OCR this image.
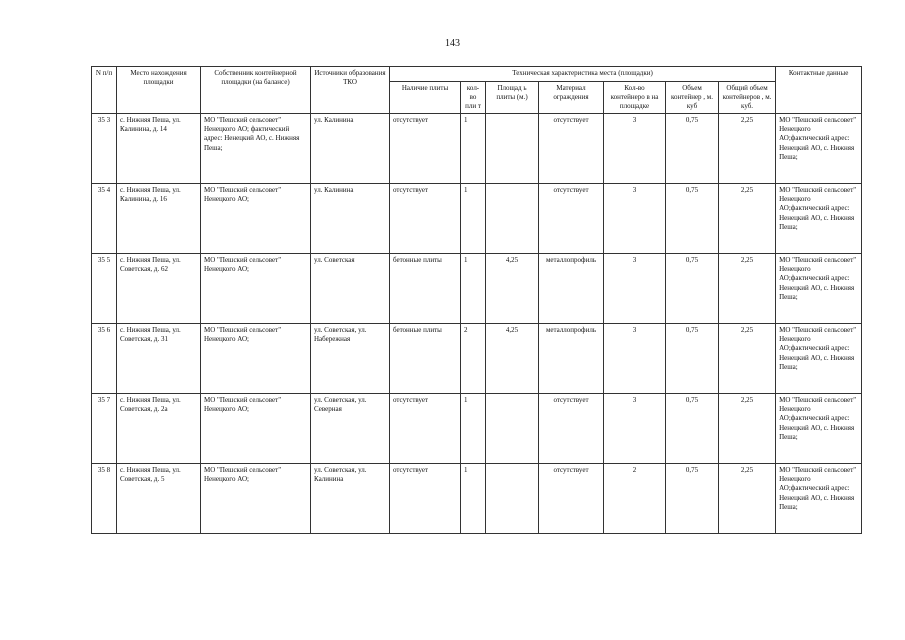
143
N п/п	Место нахождения площадки	Собственник контейнерной площадки (на балансе)	Источники образования ТКО	Техническая характеристика места (площадки)							Контактные данные
				Наличие плиты	кол-во пли т	Площад ь плиты (м.)	Материал ограждения	Кол-во контейнеро в на площадке	Объем контейнер , м. куб	Общий объем контейнеров , м. куб.	
35 3	с. Нижняя Пеша, ул. Калинина, д. 14	МО "Пешский сельсовет" Ненецкого АО; фактический адрес: Ненецкий АО, с. Нижняя Пеша;	ул. Калинина	отсутствует	1		отсутствует	3	0,75	2,25	МО "Пешский сельсовет" Ненецкого АО;фактический адрес: Ненецкий АО, с. Нижняя Пеша;
35 4	с. Нижняя Пеша, ул. Калинина, д. 16	МО "Пешский сельсовет" Ненецкого АО;	ул. Калинина	отсутствует	1		отсутствует	3	0,75	2,25	МО "Пешский сельсовет" Ненецкого АО;фактический адрес: Ненецкий АО, с. Нижняя Пеша;
35 5	с. Нижняя Пеша, ул. Советская, д. 62	МО "Пешский сельсовет" Ненецкого АО;	ул. Советская	бетонные плиты	1	4,25	металлопрофиль	3	0,75	2,25	МО "Пешский сельсовет" Ненецкого АО;фактический адрес: Ненецкий АО, с. Нижняя Пеша;
35 6	с. Нижняя Пеша, ул. Советская, д. 31	МО "Пешский сельсовет" Ненецкого АО;	ул. Советская, ул. Набережная	бетонные плиты	2	4,25	металлопрофиль	3	0,75	2,25	МО "Пешский сельсовет" Ненецкого АО;фактический адрес: Ненецкий АО, с. Нижняя Пеша;
35 7	с. Нижняя Пеша, ул. Советская, д. 2а	МО "Пешский сельсовет" Ненецкого АО;	ул. Советская, ул. Северная	отсутствует	1		отсутствует	3	0,75	2,25	МО "Пешский сельсовет" Ненецкого АО;фактический адрес: Ненецкий АО, с. Нижняя Пеша;
35 8	с. Нижняя Пеша, ул. Советская, д. 5	МО "Пешский сельсовет" Ненецкого АО;	ул. Советская, ул. Калинина	отсутствует	1		отсутствует	2	0,75	2,25	МО "Пешский сельсовет" Ненецкого АО;фактический адрес: Ненецкий АО, с. Нижняя Пеша;
